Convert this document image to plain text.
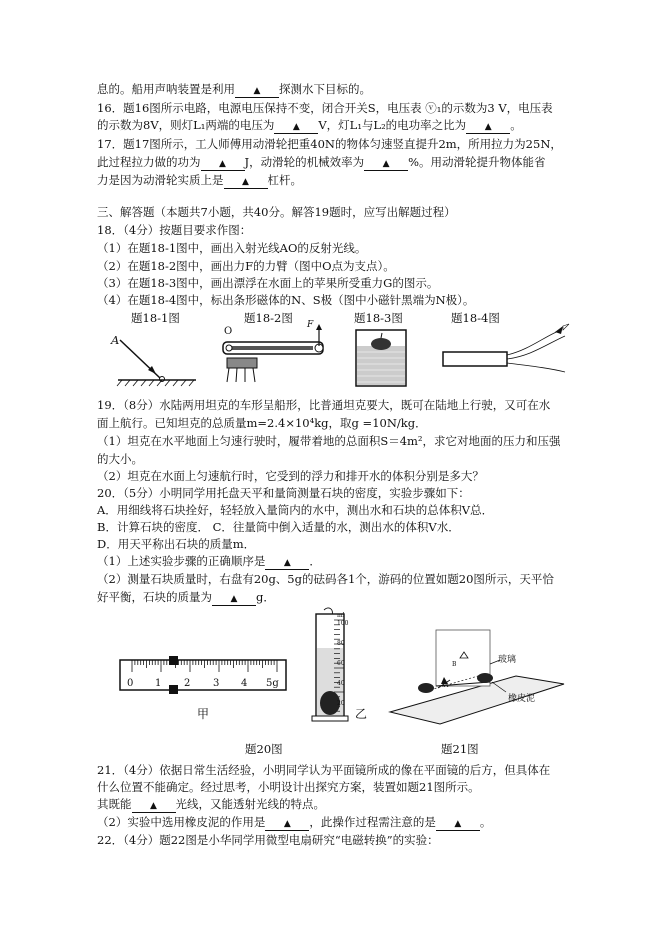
息的。船用声呐装置是利用 ▲ 探测水下目标的。
16．题16图所示电路，电源电压保持不变，闭合开关S，电压表 ⓥ₁的示数为3 V，电压表
的示数为8V，则灯L₁两端的电压为 ▲ V，灯L₁与L₂的电功率之比为 ▲ 。
17．题17图所示，工人师傅用动滑轮把重40N的物体匀速竖直提升2m，所用拉力为25N，
此过程拉力做的功为 ▲ J，动滑轮的机械效率为 ▲ %。用动滑轮提升物体能省
力是因为动滑轮实质上是 ▲ 杠杆。
三、解答题（本题共7小题，共40分。解答19题时，应写出解题过程）
18．（4分）按题目要求作图：
（1）在题18-1图中，画出入射光线AO的反射光线。
（2）在题18-2图中，画出力F的力臂（图中O点为支点）。
（3）在题18-3图中，画出漂浮在水面上的苹果所受重力G的图示。
（4）在题18-4图中，标出条形磁体的N、S极（图中小磁针黑端为N极）。
题18-1图	题18-2图	题18-3图	题18-4图
A
O
F
19．（8分）水陆两用坦克的车形呈船形，比普通坦克要大，既可在陆地上行驶，又可在水
面上航行。已知坦克的总质量m=2.4×10⁴kg，取g =10N/kg．
（1）坦克在水平地面上匀速行驶时，履带着地的总面积S＝4m²，求它对地面的压力和压强
的大小。
（2）坦克在水面上匀速航行时，它受到的浮力和排开水的体积分别是多大？
20．（5分）小明同学用托盘天平和量筒测量石块的密度，实验步骤如下：
A．用细线将石块拴好，轻轻放入量筒内的水中，测出水和石块的总体积V总．
B．计算石块的密度． C．往量筒中倒入适量的水，测出水的体积V水．
D．用天平称出石块的质量m．
（1）上述实验步骤的正确顺序是 ▲ ．
（2）测量石块质量时，右盘有20g、5g的砝码各1个，游码的位置如题20图所示，天平恰
好平衡，石块的质量为 ▲ g．
0 1 2 3 4 5g
甲
ml
100
80
60
40
20
乙
题20图
玻璃
B
A
橡皮泥
题21图
21．（4分）依据日常生活经验，小明同学认为平面镜所成的像在平面镜的后方，但具体在
什么位置不能确定。经过思考，小明设计出探究方案，装置如题21图所示。
其既能 ▲ 光线，又能透射光线的特点。
（2）实验中选用橡皮泥的作用是 ▲ ，此操作过程需注意的是 ▲ 。
22．（4分）题22图是小华同学用微型电扇研究“电磁转换”的实验：
